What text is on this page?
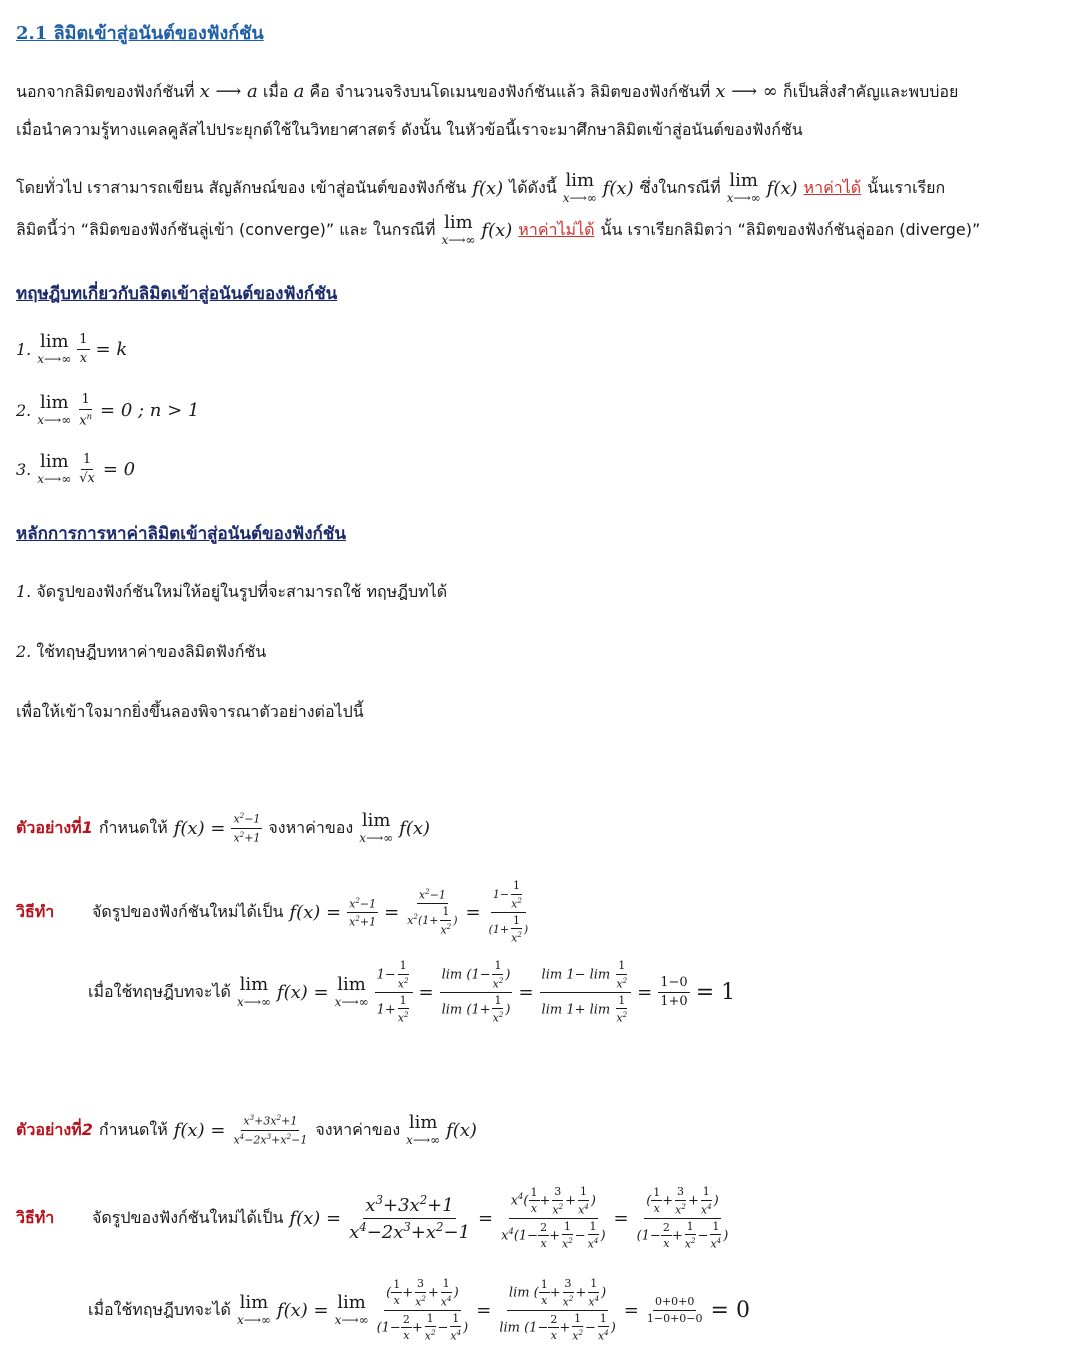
2.1 ลิมิตเข้าสู่อนันต์ของฟังก์ชัน
นอกจากลิมิตของฟังก์ชันที่ x ⟶ a เมื่อ a คือ จำนวนจริงบนโดเมนของฟังก์ชันแล้ว ลิมิตของฟังก์ชันที่ x ⟶ ∞ ก็เป็นสิ่งสำคัญและพบบ่อย
เมื่อนำความรู้ทางแคลคูลัสไปประยุกต์ใช้ในวิทยาศาสตร์ ดังนั้น ในหัวข้อนี้เราจะมาศึกษาลิมิตเข้าสู่อนันต์ของฟังก์ชัน
โดยทั่วไป เราสามารถเขียน สัญลักษณ์ของ เข้าสู่อนันต์ของฟังก์ชัน f(x) ได้ดังนี้ lim
x⟶∞ f(x) ซึ่งในกรณีที่ lim
x⟶∞ f(x) หาค่าได้ นั้นเราเรียก
ลิมิตนี้ว่า “ลิมิตของฟังก์ชันลู่เข้า (converge)” และ ในกรณีที่ lim
x⟶∞ f(x) หาค่าไม่ได้ นั้น เราเรียกลิมิตว่า “ลิมิตของฟังก์ชันลู่ออก (diverge)”
ทฤษฎีบทเกี่ยวกับลิมิตเข้าสู่อนันต์ของฟังก์ชัน
1. lim
x⟶∞ $\frac{1}{x} = k$
2. lim
x⟶∞ $\frac{1}{x^n} = 0$ ; n > 1
3. lim
x⟶∞ $\frac{1}{√x} = 0$
หลักการการหาค่าลิมิตเข้าสู่อนันต์ของฟังก์ชัน
1. จัดรูปของฟังก์ชันใหม่ให้อยู่ในรูปที่จะสามารถใช้ ทฤษฎีบทได้
2. ใช้ทฤษฎีบทหาค่าของลิมิตฟังก์ชัน
เพื่อให้เข้าใจมากยิ่งขึ้นลองพิจารณาตัวอย่างต่อไปนี้
ตัวอย่างที่1 กำหนดให้ $f(x) = \frac{x^2-1}{x^2+1}$ จงหาค่าของ lim
x⟶∞ f(x)
วิธีทำ	จัดรูปของฟังก์ชันใหม่ได้เป็น $f(x) = \frac{x^2-1}{x^2+1} = \frac{x^2-1}{x^2(1+ \frac{1}{x^2} )} = \frac{1- \frac{1}{x^2}}{(1+ \frac{1}{x^2} )}$
เมื่อใช้ทฤษฎีบทจะได้ lim
x⟶∞ f(x) = lim
x⟶∞ $\frac{1- \frac{1}{x^2}}{1+ \frac{1}{x^2}} = \frac{\lim (1- \frac{1}{x^2} )}{\lim (1+ \frac{1}{x^2} )} = \frac{\lim 1- \lim \frac{1}{x^2}}{\lim 1+ \lim \frac{1}{x^2}} = \frac{1-0}{1+0} = 1$
ตัวอย่างที่2 กำหนดให้ $f(x) = \frac{x^3+3x^2+1}{x^4-2x^3+x^2-1}$ จงหาค่าของ lim
x⟶∞ f(x)
วิธีทำ	จัดรูปของฟังก์ชันใหม่ได้เป็น $f(x) = \frac{x^3+3x^2+1}{x^4-2x^3+x^2-1} = \frac{x^4( \frac{1}{x} + \frac{3}{x^2} + \frac{1}{x^4} )}{x^4(1- \frac{2}{x} + \frac{1}{x^2} - \frac{1}{x^4} )} = \frac{( \frac{1}{x} + \frac{3}{x^2} + \frac{1}{x^4} )}{(1- \frac{2}{x} + \frac{1}{x^2} - \frac{1}{x^4} )}$
เมื่อใช้ทฤษฎีบทจะได้ lim
x⟶∞ f(x) = lim
x⟶∞ $\frac{( \frac{1}{x} + \frac{3}{x^2} + \frac{1}{x^4} )}{(1- \frac{2}{x} + \frac{1}{x^2} - \frac{1}{x^4} )} = \frac{\lim ( \frac{1}{x} + \frac{3}{x^2} + \frac{1}{x^4} )}{\lim (1- \frac{2}{x} + \frac{1}{x^2} - \frac{1}{x^4} )} = \frac{0+0+0}{1-0+0-0} = 0$
